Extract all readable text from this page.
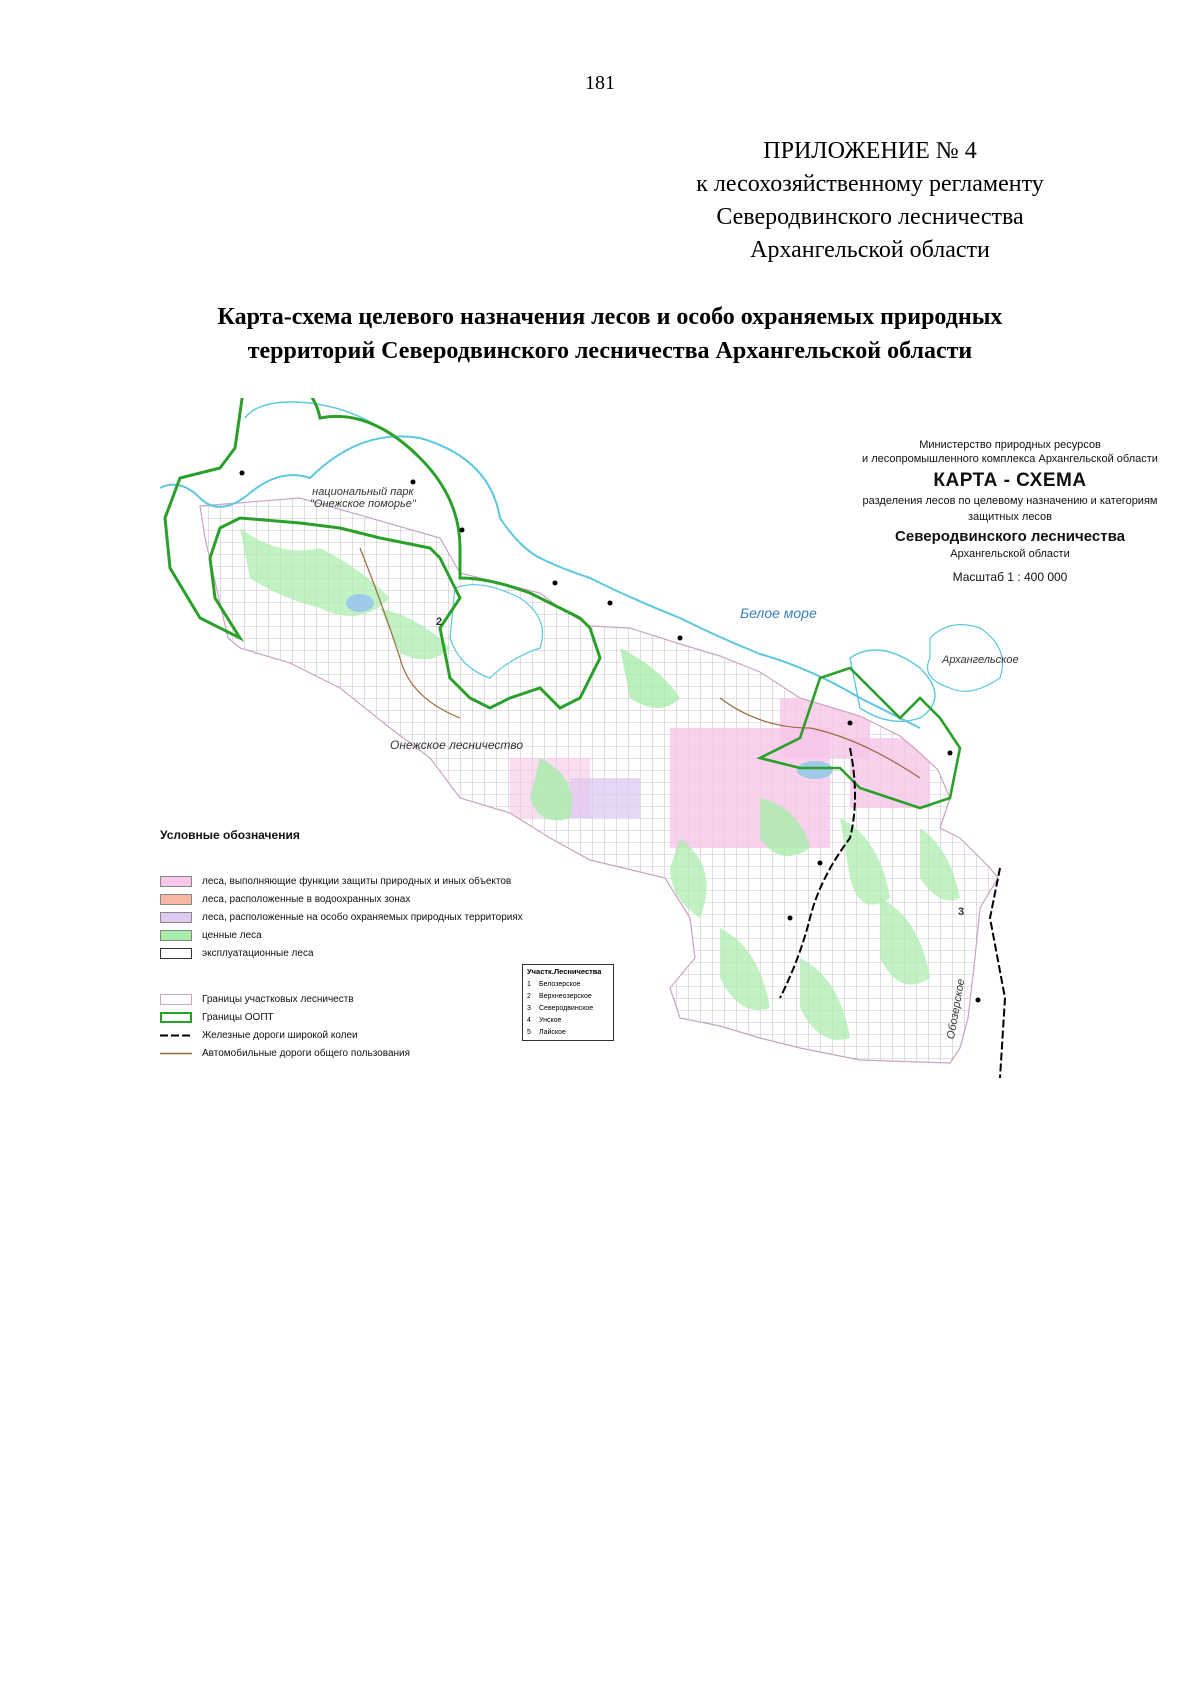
181
ПРИЛОЖЕНИЕ № 4
к лесохозяйственному регламенту
Северодвинского лесничества
Архангельской области
Карта-схема целевого назначения лесов и особо охраняемых природных
территорий Северодвинского лесничества Архангельской области
Министерство природных ресурсов
и лесопромышленного комплекса Архангельской области
КАРТА - СХЕМА
разделения лесов по целевому назначению и категориям
защитных лесов
Северодвинского лесничества
Архангельской области
Масштаб 1 : 400 000
национальный парк
"Онежское поморье"
Белое море
Архангельское
Онежское лесничество
Обозерское
2
3
Условные обозначения
леса, выполняющие функции защиты природных и иных объектов
леса, расположенные в водоохранных зонах
леса, расположенные на особо охраняемых природных территориях
ценные леса
эксплуатационные леса
Границы участковых лесничеств
Границы ООПТ
Железные дороги широкой колеи
Автомобильные дороги общего пользования
Участк.Лесничества
1	Белозерское
2	Верхнеозерское
3	Северодвинское
4	Унское
5	Лайское
